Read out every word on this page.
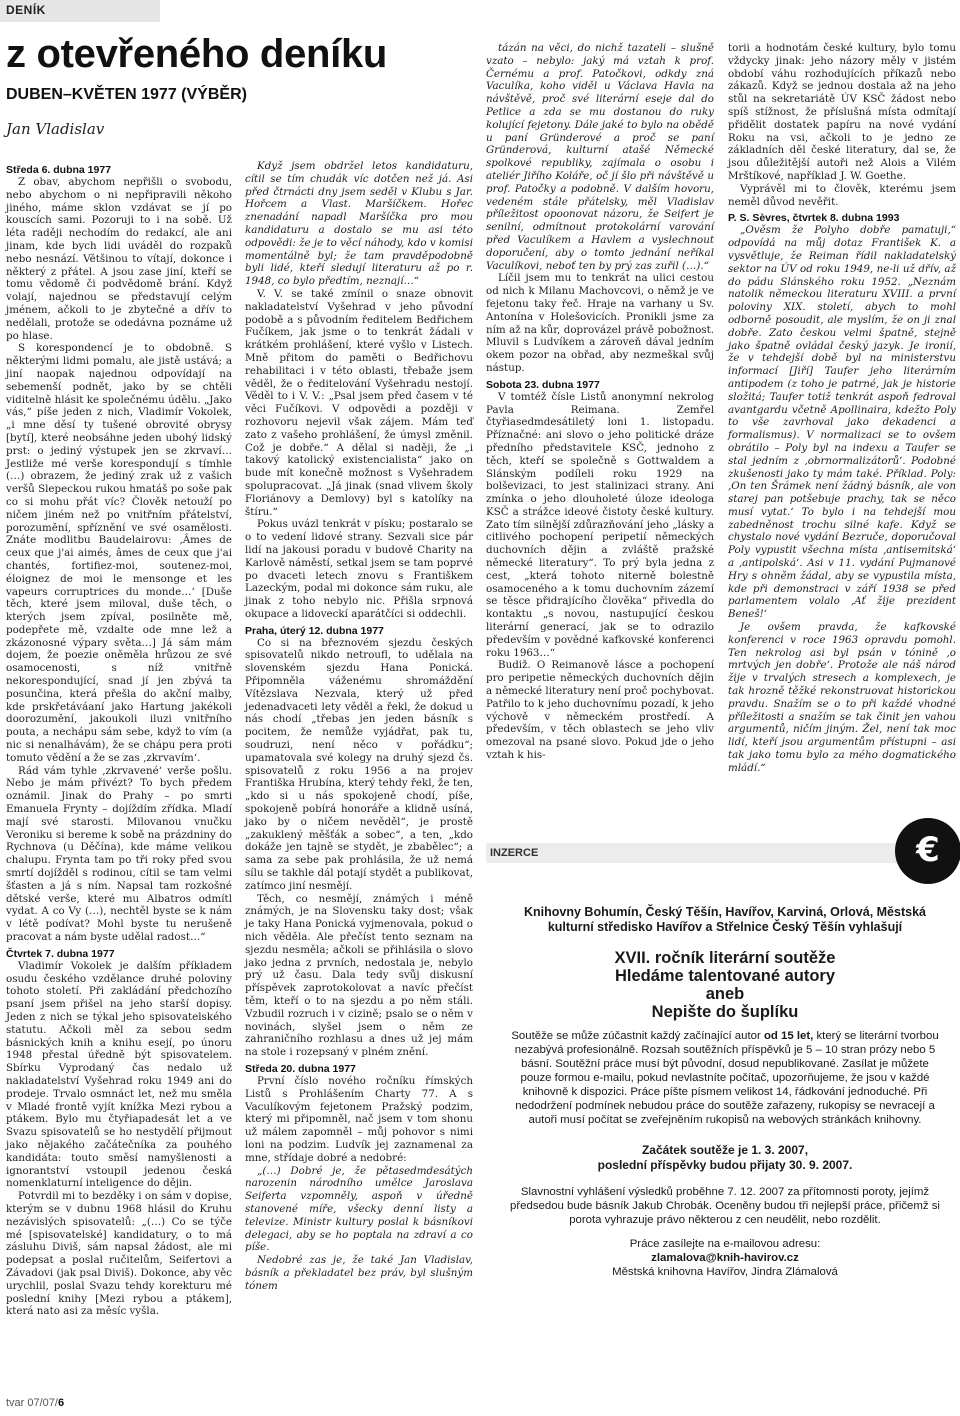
DENÍK
z otevřeného deníku
DUBEN–KVĚTEN 1977 (VÝBĚR)
Jan Vladislav
Středa 6. dubna 1977

Z obav, abychom nepřišli o svobodu, nebo abychom o ni nepřipravili někoho jiného, máme sklon vzdávat se jí po kouscích sami. Pozoruji to i na sobě. Už léta raději nechodím do redakcí, ale ani jinam, kde bych lidi uváděl do rozpaků nebo nesnází. Většinou to vítají, dokonce i některý z přátel. A jsou zase jiní, kteří se tomu vědomě či podvědomě brání. Když volají, najednou se představují celým jménem, ačkoli to je zbytečné a dřív to nedělali, protože se odedávna poznáme už po hlase.

S korespondencí je to obdobně. S některými lidmi pomalu, ale jistě ustává; a jiní naopak najednou odpovídají na sebemenší podnět, jako by se chtěli viditelně hlásit ke společnému údělu. „Jako vás,“ píše jeden z nich, Vladimír Vokolek, „i mne děsí ty tušené obrovité obrysy [bytí], které neobsáhne jeden ubohý lidský prst: o jediný výstupek jen se zkrvaví… Jestliže mé verše korespondují s tímhle (…) obrazem, že jediný zrak už z vašich veršů Slepeckou rukou hmatáš po soše pak co si mohu přát víc? Člověk netouží po ničem jiném než po vnitřním přátelství, porozumění, spříznění ve své osamělosti. Znáte modlitbu Baudelairovu: ‚Âmes de ceux que j'ai aimés, âmes de ceux que j'ai chantés, fortifiez-moi, soutenez-moi, éloignez de moi le mensonge et les vapeurs corruptrices du monde…‘ [Duše těch, které jsem miloval, duše těch, o kterých jsem zpíval, posilněte mě, podepřete mě, vzdalte ode mne lež a zkázonosné výpary světa…] Já sám mám dojem, že poezie oněměla hrůzou ze své osamocenosti, s níž vnitřně nekorespondující, snad jí jen zbývá ta posunčina, která přešla do akční malby, kde prskřetáváaní jako Hartung jakékoli doorozumění, jakoukoli iluzi vnitřního pouta, a nechápu sám sebe, když to vím (a nic si nenalhávám), že se chápu pera proti tomuto vědění a že se zas ‚zkrvavím‘.

Rád vám tyhle ‚zkrvavené‘ verše pošlu. Nebo je mám přivézt? To bych předem oznámil. Jinak do Prahy – po smrti Emanuela Frynty – dojíždím zřídka. Mladí mají své starosti. Milovanou vnučku Veroniku si bereme k sobě na prázdniny do Rychnova (u Děčína), kde máme velikou chalupu. Frynta tam po tři roky před svou smrtí dojížděl s rodinou, cítil se tam velmi šťasten a já s ním. Napsal tam rozkošné dětské verše, které mu Albatros odmítl vydat. A co Vy (…), nechtěl byste se k nám v létě podívat? Mohl byste tu nerušeně pracovat a nám byste udělal radost…“

Čtvrtek 7. dubna 1977

Vladimír Vokolek je dalším příkladem osudu českého vzdělance druhé poloviny tohoto století. Při zakládání předchozího psaní jsem přišel na jeho starší dopisy. Jeden z nich se týkal jeho spisovatelského statutu. Ačkoli měl za sebou sedm básnických knih a knihu esejí, po únoru 1948 přestal úředně být spisovatelem. Sbírku Vyprodaný čas nedalo už nakladatelství Vyšehrad roku 1949 ani do prodeje. Trvalo osmnáct let, než mu směla v Mladé frontě vyjít knížka Mezi rybou a ptákem. Bylo mu čtyřiapadesát let a ve Svazu spisovatelů se ho nestydělí přijmout jako nějakého začátečníka za pouhého kandidáta: touto směsí namyšlenosti a ignorantství vstoupil jedenou česká nomenklaturní inteligence do dějin.

Potvrdil mi to bezděky i on sám v dopise, kterým se v dubnu 1968 hlásil do Kruhu nezávislých spisovatelů: „(…) Co se týče mé [spisovatelské] kandidatury, o to má zásluhu Diviš, sám napsal žádost, ale mi podepsat a poslal ručitelům, Seifertovi a Závadovi (jak psal Diviš). Dokonce, aby věc urychlil, poslal Svazu tehdy korekturu mé poslední knihy [Mezi rybou a ptákem], která nato asi za měsíc vyšla.

Když jsem obdržel letos kandidaturu, cítil se tím chudák víc dotčen než já. Asi před čtrnácti dny jsem seděl v Klubu s Jar. Hořcem a Vlast. Maršíčkem. Hořec znenadání napadl Maršíčka pro mou kandidaturu a dostalo se mu asi této odpovědi: že je to věcí náhody, kdo v komisi momentálně byl; že tam pravděpodobně byli lidé, kteří sledují literaturu až po r. 1948, co bylo předtím, neznají…“

V. V. se také zmínil o snaze obnovit nakladatelství Vyšehrad v jeho původní podobě a s původním ředitelem Bedřichem Fučíkem, jak jsme o to tenkrát žádali v krátkém prohlášení, které vyšlo v Listech. Mně přitom do paměti o Bedřichovu rehabilitaci i v této oblasti, třebaže jsem věděl, že o ředitelování Vyšehradu nestojí. Věděl to i V. V.: „Psal jsem před časem v té věci Fučíkovi. V odpovědi a později v rozhovoru nejevil však zájem. Mám teď zato z vašeho prohlášení, že úmysl změnil. Což je dobře.“ A dělal si naději, že „i takový katolický existencialista“ jako on bude mít konečně možnost s Vyšehradem spolupracovat. „Já jinak (snad vlivem školy Floriánovy a Demlovy) byl s katolíky na štíru.“

Pokus uvázl tenkrát v písku; postaralo se o to vedení lidové strany. Sezvali sice pár lidí na jakousi poradu v budově Charity na Karlově náměstí, setkal jsem se tam poprvé po dvaceti letech znovu s Františkem Lazeckým, podal mi dokonce sám ruku, ale jinak z toho nebylo nic. Přišla srpnová okupace a lidoveckí aparátčíci si oddechli.

Praha, úterý 12. dubna 1977

Co si na březnovém sjezdu českých spisovatelů nikdo netroufl, to udělala na slovenském sjezdu Hana Ponická. Připomněla váženému shromáždění Vítězslava Nezvala, který už před jedenadvaceti lety věděl a řekl, že dokud u nás chodí „třebas jen jeden básník s pocitem, že nemůže vyjádřat, pak tu, soudruzi, není něco v pořádku“; upamatovala své kolegy na druhý sjezd čs. spisovatelů z roku 1956 a na projev Františka Hrubína, který tehdy řekl, že ten, „kdo si u nás spokojeně chodí, píše, spokojeně pobírá honoráře a klidně usíná, jako by o ničem nevěděl“, je prostě „zakuklený měšťák a sobec“, a ten, „kdo dokáže jen tajně se stydět, je zbabělec“; a sama za sebe pak prohlásila, že už nemá sílu se takhle dál potají stydět a publikovat, zatímco jiní nesmějí.

Těch, co nesmějí, známých i méně známých, je na Slovensku taky dost; však je taky Hana Ponická vyjmenovala, pokud o nich věděla. Ale přečíst tento seznam na sjezdu nesměla; ačkoli se přihlásila o slovo jako jedna z prvních, nedostala je, nebylo prý už času. Dala tedy svůj diskusní příspěvek zaprotokolovat a navíc přečíst těm, kteří o to na sjezdu a po něm stáli. Vzbudil rozruch i v cizině; psalo se o něm v novinách, slyšel jsem o něm ze zahraničního rozhlasu a dnes už jej mám na stole i rozepsaný v plném znění.

Středa 20. dubna 1977

První číslo nového ročníku římských Listů s Prohlášením Charty 77. A s Vaculíkovým fejetonem Pražský podzim, který mi připomněl, nač jsem v tom shonu už málem zapomněl – můj pohovor s nimi loni na podzim. Ludvík jej zaznamenal za mne, střídaje dobré a nedobré:

„(…) Dobré je, že pětasedmdesátých narozenin národního umělce Jaroslava Seiferta vzpomněly, aspoň v úředně stanovené míře, všecky denní listy a televize. Ministr kultury poslal k básníkovi delegaci, aby se ho poptala na zdraví a co píše.

Nedobré zas je, že také Jan Vladislav, básník a překladatel bez práv, byl slušným tónem

tázán na věci, do nichž tazateli – slušně vzato – nebylo: jaký má vztah k prof. Černému a prof. Patočkovi, odkdy zná Vaculíka, koho viděl u Václava Havla na návštěvě, proč své literární eseje dal do Petlice a zda se mu dostanou do ruky kolující fejetony. Dále jaké to bylo na obědě u paní Gründerové a proč se paní Gründerová, kulturní atašé Německé spolkové republiky, zajímala o osobu i ateliér Jiřího Koláře, oč jí šlo při návštěvě u prof. Patočky a podobně. V dalším hovoru, vedeném stále přátelsky, měl Vladislav příležitost opoonovat názoru, že Seifert je senilní, odmítnout protokolární varování před Vaculíkem a Havlem a vyslechnout doporučení, aby o tomto jednání neříkal Vaculíkovi, neboť ten by prý zas zuřil (…).“

Líčil jsem mu to tenkrát na ulici cestou od nich k Milanu Machovcovi, o němž je ve fejetonu taky řeč. Hraje na varhany u Sv. Antonína v Holešovicích. Pronikli jsme za ním až na kůr, doprovázel právě pobožnost. Mluvil s Ludvíkem a zároveň dával jedním okem pozor na obřad, aby nezmeškal svůj nástup.

Sobota 23. dubna 1977

V tomtéž čísle Listů anonymní nekrolog Pavla Reimana. Zemřel čtyřiasedmdesátiletý loni 1. listopadu. Příznačné: ani slovo o jeho politické dráze předního představitele KSČ, jednoho z těch, kteří se společně s Gottwaldem a Slánským podíleli roku 1929 na bolševizaci, to jest stalinizaci strany. Ani zmínka o jeho dlouholeté úloze ideologa KSČ a strážce ideové čistoty české kultury. Zato tím silnější zdůrazňování jeho „lásky a citlivého pochopení peripetií německých duchovních dějin a zvláště pražské německé literatury“. To prý byla jedna z cest, „která tohoto niterně bolestně osamoceného a k tomu duchovním zázemí se těsce přidrajícího člověka“ přivedla do kontaktu „s novou, nastupující českou literární generací, jak se to odrazilo především v povědné kafkovské konferenci roku 1963…“

Budiž. O Reimanově lásce a pochopení pro peripetie německých duchovních dějin a německé literatury není proč pochybovat. Patřilo to k jeho duchovnímu pozadí, k jeho výchově v německém prostředí. A především, v těch oblastech se jeho vliv omezoval na psané slovo. Pokud jde o jeho vztah k his-

torii a hodnotám české kultury, bylo tomu vždycky jinak: jeho názory měly v jistém období váhu rozhodujících příkazů nebo zákazů. Když se jednou dostala až na jeho stůl na sekretariátě ÚV KSČ žádost nebo spíš stížnost, že příslušná místa odmítají přidělit dostatek papíru na nové vydání Roku na vsi, ačkoli to je jedno ze základních děl české literatury, dal se, že jsou důležitější autoři než Alois a Vilém Mrštíkové, například J. W. Goethe.

Vyprávěl mi to člověk, kterému jsem neměl důvod nevěřit.

P. S. Sèvres, čtvrtek 8. dubna 1993

„Ověsm že Polyho dobře pamatuji,“ odpovídá na můj dotaz František K. a vysvětluje, že Reiman řídil nakladatelský sektor na ÚV od roku 1949, ne-li už dřív, až do pádu Slánského roku 1952. „Neznám natolik německou literaturu XVIII. a první poloviny XIX. století, abych to mohl odborně posoudit, ale myslím, že on ji znal dobře. Zato českou velmi špatně, stejně jako špatně ovládal český jazyk. Je ironií, že v tehdejší době byl na ministerstvu informací [Jiří] Taufer jeho literárním antipodem (z toho je patrné, jak je historie složitá; Taufer totiž tenkrát aspoň fedroval avantgardu včetně Apollinaira, kdežto Poly to vše zavrhoval jako dekadenci a formalismus). V normalizaci se to ovšem obrátilo – Poly byl na indexu a Taufer se stal jedním z ‚obrnormalizátorů‘. Podobné zkušenosti jako ty mám také. Příklad. Poly: ‚On ten Šrámek není žádný básník, ale von starej pan potšebuje prachy, tak se něco musí vytat.‘ To bylo i na tehdejší mou zabedněnost trochu silné kafe. Když se chystalo nové vydání Bezruče, doporučoval Poly vypustit všechna místa ‚antisemitská‘ a ‚antipolská‘. Asi v 11. vydání Pujmanové Hry s ohněm žádal, aby se vypustila místa, kde při demonstraci v září 1938 se před parlamentem volalo ‚Ať žije prezident Beneš!‘

Je ovšem pravda, že kafkovské konferenci v roce 1963 opravdu pomohl. Ten nekrolog asi byl psán v tónině ‚o mrtvých jen dobře‘. Protože ale náš národ žije v trvalých stresech a komplexech, je tak hrozně těžké rekonstruovat historickou pravdu. Snažím se o to při každé vhodné příležitosti a snažím se tak činit jen vahou argumentů, ničím jiným. Žel, není tak moc lidí, kteří jsou argumentům přístupni – asi tak jako tomu bylo za mého dogmatického mládí.“

INZERCE	€

Knihovny Bohumín, Český Těšín, Havířov, Karviná, Orlová, Městská kulturní středisko Havířov a Střelnice Český Těšín vyhlašují

XVII. ročník literární soutěže
Hledáme talentované autory
aneb
Nepište do šuplíku

Soutěže se může zúčastnit každý začínající autor od 15 let, který se literární tvorbou nezabývá profesionálně. Rozsah soutěžních příspěvků je 5 – 10 stran prózy nebo 5 básní. Soutěžní práce musí být původní, dosud nepublikované. Zasílat je můžete pouze formou e-mailu, pokud nevlastníte počítač, upozorňujeme, že jsou v každé knihovně k dispozici. Práce píšte písmem velikost 14, řádkování jednoduché. Při nedodržení podmínek nebudou práce do soutěže zařazeny, rukopisy se nevracejí a autoři musí počítat se zveřejněním rukopisů na webových stránkách knihovny.

Začátek soutěže je 1. 3. 2007,
poslední příspěvky budou přijaty 30. 9. 2007.

Slavnostní vyhlášení výsledků proběhne 7. 12. 2007 za přítomnosti poroty, jejímž předsedou bude básník Jakub Chrobák. Oceněny budou tři nejlepší práce, přičemž si porota vyhrazuje právo některou z cen neudělit, nebo rozdělit.

Práce zasílejte na e-mailovou adresu:
zlamalova@knih-havirov.cz
Městská knihovna Havířov, Jindra Zlámalová
tvar 07/07/6
